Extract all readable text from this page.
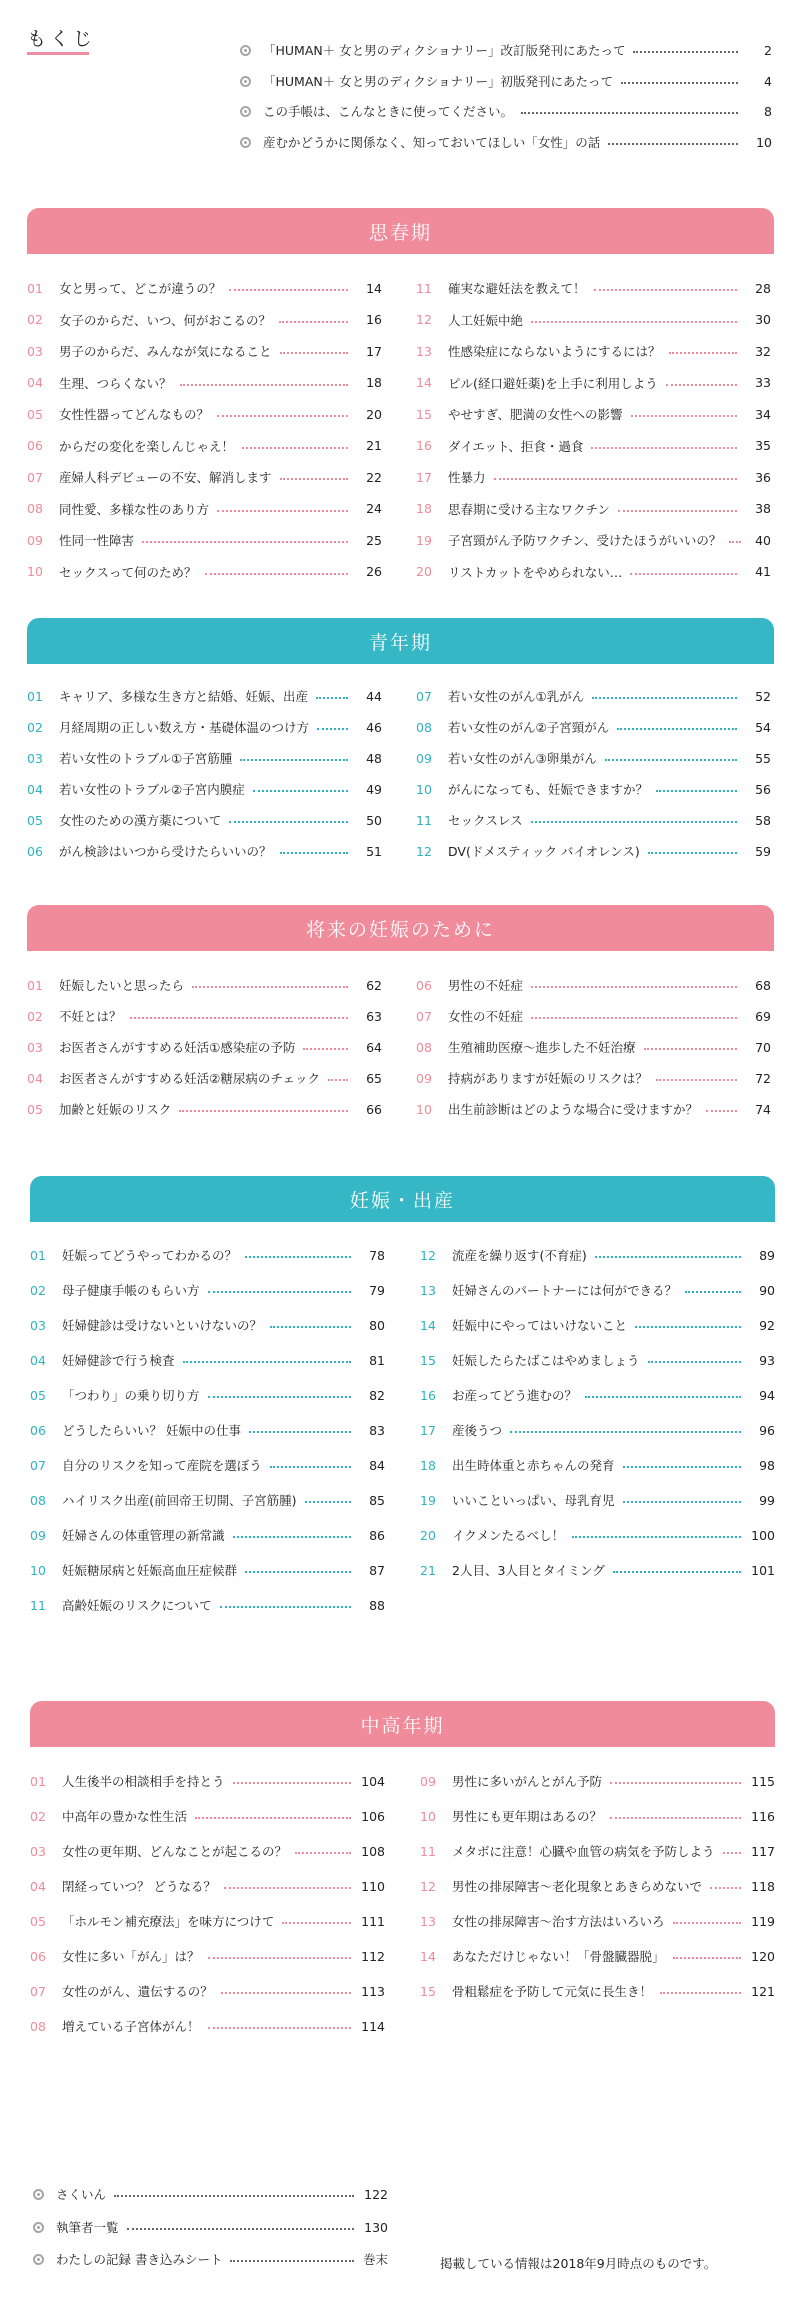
もくじ
「HUMAN＋ 女と男のディクショナリー」改訂版発刊にあたって	2
「HUMAN＋ 女と男のディクショナリー」初版発刊にあたって	4
この手帳は、こんなときに使ってください。	8
産むかどうかに関係なく、知っておいてほしい「女性」の話	10
思春期
01	女と男って、どこが違うの？	14
02	女子のからだ、いつ、何がおこるの？	16
03	男子のからだ、みんなが気になること	17
04	生理、つらくない？	18
05	女性性器ってどんなもの？	20
06	からだの変化を楽しんじゃえ！	21
07	産婦人科デビューの不安、解消します	22
08	同性愛、多様な性のあり方	24
09	性同一性障害	25
10	セックスって何のため？	26
11	確実な避妊法を教えて！	28
12	人工妊娠中絶	30
13	性感染症にならないようにするには？	32
14	ピル(経口避妊薬)を上手に利用しよう	33
15	やせすぎ、肥満の女性への影響	34
16	ダイエット、拒食・過食	35
17	性暴力	36
18	思春期に受ける主なワクチン	38
19	子宮頸がん予防ワクチン、受けたほうがいいの？	40
20	リストカットをやめられない…	41
青年期
01	キャリア、多様な生き方と結婚、妊娠、出産	44
02	月経周期の正しい数え方・基礎体温のつけ方	46
03	若い女性のトラブル①子宮筋腫	48
04	若い女性のトラブル②子宮内膜症	49
05	女性のための漢方薬について	50
06	がん検診はいつから受けたらいいの？	51
07	若い女性のがん①乳がん	52
08	若い女性のがん②子宮頸がん	54
09	若い女性のがん③卵巣がん	55
10	がんになっても、妊娠できますか？	56
11	セックスレス	58
12	DV(ドメスティック バイオレンス)	59
将来の妊娠のために
01	妊娠したいと思ったら	62
02	不妊とは？	63
03	お医者さんがすすめる妊活①感染症の予防	64
04	お医者さんがすすめる妊活②糖尿病のチェック	65
05	加齢と妊娠のリスク	66
06	男性の不妊症	68
07	女性の不妊症	69
08	生殖補助医療〜進歩した不妊治療	70
09	持病がありますが妊娠のリスクは？	72
10	出生前診断はどのような場合に受けますか？	74
妊娠・出産
01	妊娠ってどうやってわかるの？	78
02	母子健康手帳のもらい方	79
03	妊婦健診は受けないといけないの？	80
04	妊婦健診で行う検査	81
05	「つわり」の乗り切り方	82
06	どうしたらいい？ 妊娠中の仕事	83
07	自分のリスクを知って産院を選ぼう	84
08	ハイリスク出産(前回帝王切開、子宮筋腫)	85
09	妊婦さんの体重管理の新常識	86
10	妊娠糖尿病と妊娠高血圧症候群	87
11	高齢妊娠のリスクについて	88
12	流産を繰り返す(不育症)	89
13	妊婦さんのパートナーには何ができる？	90
14	妊娠中にやってはいけないこと	92
15	妊娠したらたばこはやめましょう	93
16	お産ってどう進むの？	94
17	産後うつ	96
18	出生時体重と赤ちゃんの発育	98
19	いいこといっぱい、母乳育児	99
20	イクメンたるべし！	100
21	2人目、3人目とタイミング	101
中高年期
01	人生後半の相談相手を持とう	104
02	中高年の豊かな性生活	106
03	女性の更年期、どんなことが起こるの？	108
04	閉経っていつ？ どうなる？	110
05	「ホルモン補充療法」を味方につけて	111
06	女性に多い「がん」は？	112
07	女性のがん、遺伝するの？	113
08	増えている子宮体がん！	114
09	男性に多いがんとがん予防	115
10	男性にも更年期はあるの？	116
11	メタボに注意！心臓や血管の病気を予防しよう	117
12	男性の排尿障害〜老化現象とあきらめないで	118
13	女性の排尿障害〜治す方法はいろいろ	119
14	あなただけじゃない！「骨盤臓器脱」	120
15	骨粗鬆症を予防して元気に長生き！	121
さくいん	122
執筆者一覧	130
わたしの記録 書き込みシート	巻末	掲載している情報は2018年9月時点のものです。
